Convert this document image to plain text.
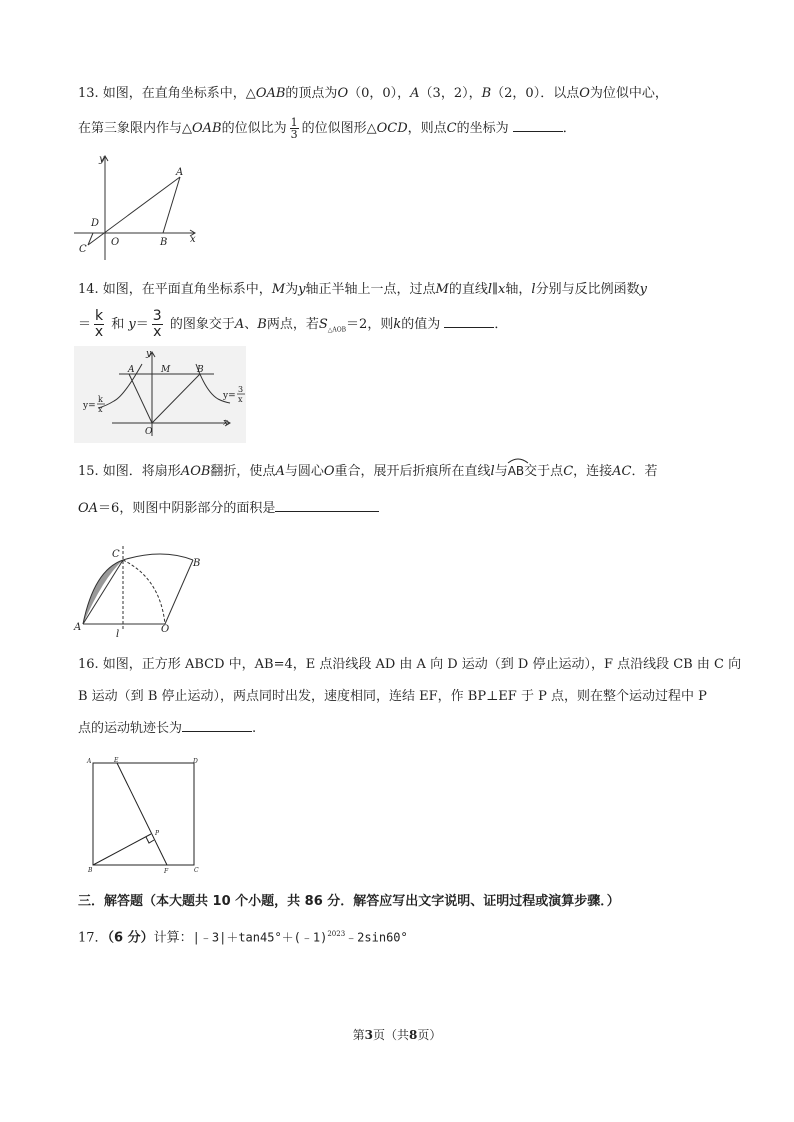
13. 如图，在直角坐标系中，△OAB的顶点为O（0，0），A（3，2），B（2，0）．以点O为位似中心，
在第三象限内作与△OAB的位似比为 $\frac{1}{3}$ 的位似图形△OCD，则点C的坐标为	．
y
A
D
O	B x
C
14. 如图，在平面直角坐标系中，M为y轴正半轴上一点，过点M的直线l∥x轴，l分别与反比例函数y
＝ $\frac{k}{x}$ 和 $y= \frac{3}{x}$ 的图象交于A、B两点，若$S_{\triangle AOB}=2$，则k的值为	．
y
A	M	B
y=
k
x
y=
3
x
O
x
15. 如图．将扇形AOB翻折，使点A与圆心O重合，展开后折痕所在直线l与
AB交于点C，连接AC．若
OA＝6，则图中阴影部分的面积是
C
B
A
l	O
16. 如图，正方形 ABCD 中，AB=4，E 点沿线段 AD 由 A 向 D 运动（到 D 停止运动），F 点沿线段 CB 由 C 向
B 运动（到 B 停止运动），两点同时出发，速度相同，连结 EF，作 BP⊥EF 于 P 点，则在整个运动过程中 P
点的运动轨迹长为	.
A	E	D
P
B	F	C
三．解答题（本大题共 10 个小题，共 86 分．解答应写出文字说明、证明过程或演算步骤．）
17．（6 分）计算：|﹣3|＋tan45°＋(﹣1)$^{2023}$﹣2sin60°
第3页（共8页）
